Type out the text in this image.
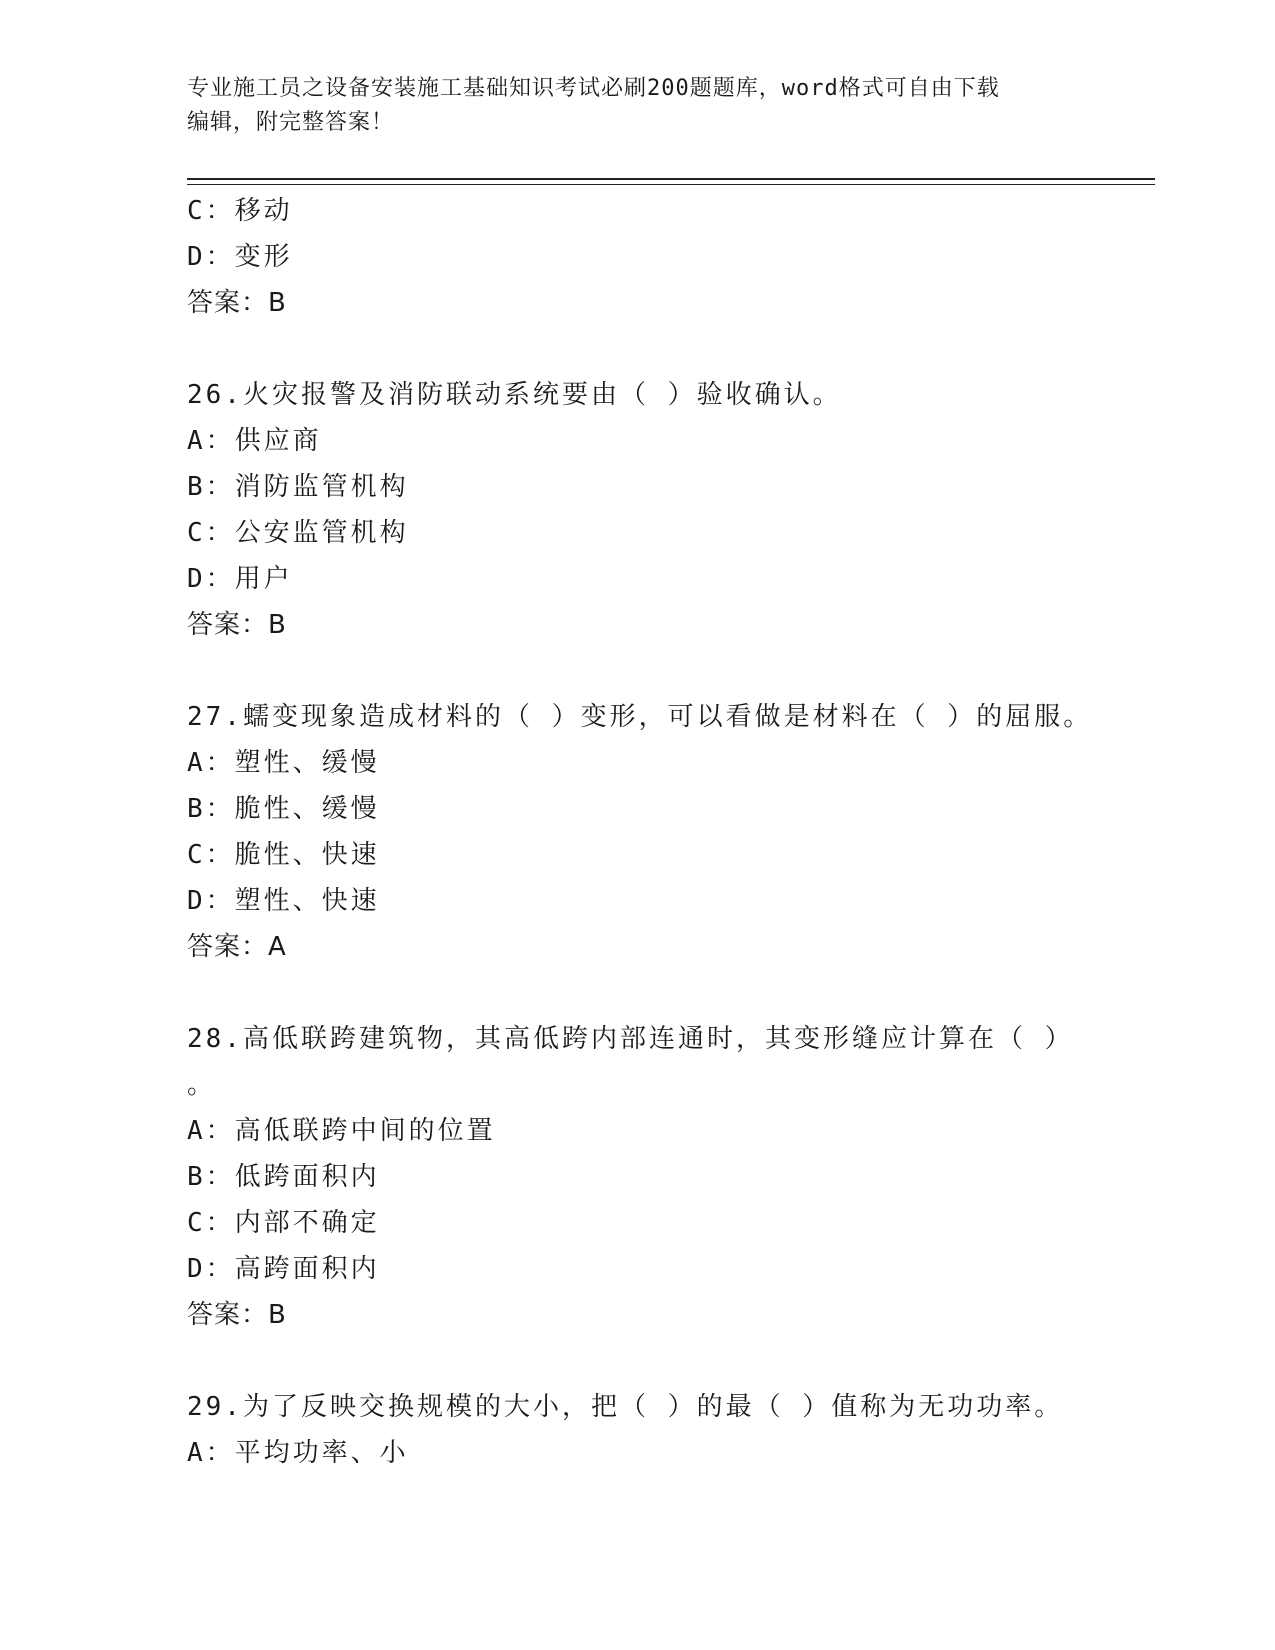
专业施工员之设备安装施工基础知识考试必刷200题题库，word格式可自由下载
编辑，附完整答案！
C：移动
D：变形
答案：B
26.火灾报警及消防联动系统要由（ ）验收确认。
A：供应商
B：消防监管机构
C：公安监管机构
D：用户
答案：B
27.蠕变现象造成材料的（ ）变形，可以看做是材料在（ ）的屈服。
A：塑性、缓慢
B：脆性、缓慢
C：脆性、快速
D：塑性、快速
答案：A
28.高低联跨建筑物，其高低跨内部连通时，其变形缝应计算在（ ）
。
A：高低联跨中间的位置
B：低跨面积内
C：内部不确定
D：高跨面积内
答案：B
29.为了反映交换规模的大小，把（ ）的最（ ）值称为无功功率。
A：平均功率、小
